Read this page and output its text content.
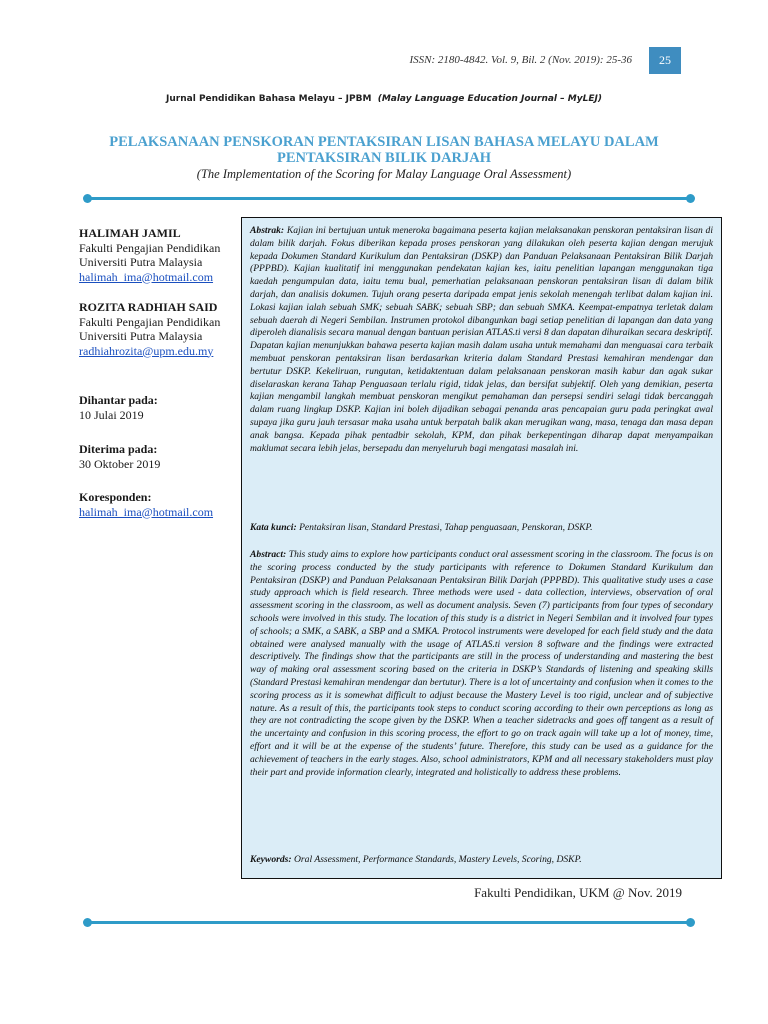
ISSN: 2180-4842. Vol. 9, Bil. 2 (Nov. 2019): 25-36 25
Jurnal Pendidikan Bahasa Melayu – JPBM (Malay Language Education Journal – MyLEJ)
PELAKSANAAN PENSKORAN PENTAKSIRAN LISAN BAHASA MELAYU DALAM
PENTAKSIRAN BILIK DARJAH
(The Implementation of the Scoring for Malay Language Oral Assessment)
HALIMAH JAMIL
Fakulti Pengajian Pendidikan
Universiti Putra Malaysia
halimah_ima@hotmail.com
ROZITA RADHIAH SAID
Fakulti Pengajian Pendidikan
Universiti Putra Malaysia
radhiahrozita@upm.edu.my
Dihantar pada:
10 Julai 2019
Diterima pada:
30 Oktober 2019
Koresponden:
halimah_ima@hotmail.com
Abstrak: Kajian ini bertujuan untuk meneroka bagaimana peserta kajian melaksanakan penskoran pentaksiran lisan di dalam bilik darjah. Fokus diberikan kepada proses penskoran yang dilakukan oleh peserta kajian dengan merujuk kepada Dokumen Standard Kurikulum dan Pentaksiran (DSKP) dan Panduan Pelaksanaan Pentaksiran Bilik Darjah (PPPBD). Kajian kualitatif ini menggunakan pendekatan kajian kes, iaitu penelitian lapangan menggunakan tiga kaedah pengumpulan data, iaitu temu bual, pemerhatian pelaksanaan penskoran pentaksiran lisan di dalam bilik darjah, dan analisis dokumen. Tujuh orang peserta daripada empat jenis sekolah menengah terlibat dalam kajian ini. Lokasi kajian ialah sebuah SMK; sebuah SABK; sebuah SBP; dan sebuah SMKA. Keempat-empatnya terletak dalam sebuah daerah di Negeri Sembilan. Instrumen protokol dibangunkan bagi setiap penelitian di lapangan dan data yang diperoleh dianalisis secara manual dengan bantuan perisian ATLAS.ti versi 8 dan dapatan dihuraikan secara deskriptif. Dapatan kajian menunjukkan bahawa peserta kajian masih dalam usaha untuk memahami dan menguasai cara terbaik membuat penskoran pentaksiran lisan berdasarkan kriteria dalam Standard Prestasi kemahiran mendengar dan bertutur DSKP. Kekeliruan, rungutan, ketidaktentuan dalam pelaksanaan penskoran masih kabur dan agak sukar diselaraskan kerana Tahap Penguasaan terlalu rigid, tidak jelas, dan bersifat subjektif. Oleh yang demikian, peserta kajian mengambil langkah membuat penskoran mengikut pemahaman dan persepsi sendiri selagi tidak bercanggah dalam ruang lingkup DSKP. Kajian ini boleh dijadikan sebagai penanda aras pencapaian guru pada peringkat awal supaya jika guru jauh tersasar maka usaha untuk berpatah balik akan merugikan wang, masa, tenaga dan masa depan anak bangsa. Kepada pihak pentadbir sekolah, KPM, dan pihak berkepentingan diharap dapat menyampaikan maklumat secara lebih jelas, bersepadu dan menyeluruh bagi mengatasi masalah ini.
Kata kunci: Pentaksiran lisan, Standard Prestasi, Tahap penguasaan, Penskoran, DSKP.
Abstract: This study aims to explore how participants conduct oral assessment scoring in the classroom. The focus is on the scoring process conducted by the study participants with reference to Dokumen Standard Kurikulum dan Pentaksiran (DSKP) and Panduan Pelaksanaan Pentaksiran Bilik Darjah (PPPBD). This qualitative study uses a case study approach which is field research. Three methods were used - data collection, interviews, observation of oral assessment scoring in the classroom, as well as document analysis. Seven (7) participants from four types of secondary schools were involved in this study. The location of this study is a district in Negeri Sembilan and it involved four types of schools; a SMK, a SABK, a SBP and a SMKA. Protocol instruments were developed for each field study and the data obtained were analysed manually with the usage of ATLAS.ti version 8 software and the findings were extracted descriptively. The findings show that the participants are still in the process of understanding and mastering the best way of making oral assessment scoring based on the criteria in DSKP’s Standards of listening and speaking skills (Standard Prestasi kemahiran mendengar dan bertutur). There is a lot of uncertainty and confusion when it comes to the scoring process as it is somewhat difficult to adjust because the Mastery Level is too rigid, unclear and of subjective nature. As a result of this, the participants took steps to conduct scoring according to their own perceptions as long as they are not contradicting the scope given by the DSKP. When a teacher sidetracks and goes off tangent as a result of the uncertainty and confusion in this scoring process, the effort to go on track again will take up a lot of money, time, effort and it will be at the expense of the students’ future. Therefore, this study can be used as a guidance for the achievement of teachers in the early stages. Also, school administrators, KPM and all necessary stakeholders must play their part and provide information clearly, integrated and holistically to address these problems.
Keywords: Oral Assessment, Performance Standards, Mastery Levels, Scoring, DSKP.
Fakulti Pendidikan, UKM @ Nov. 2019
